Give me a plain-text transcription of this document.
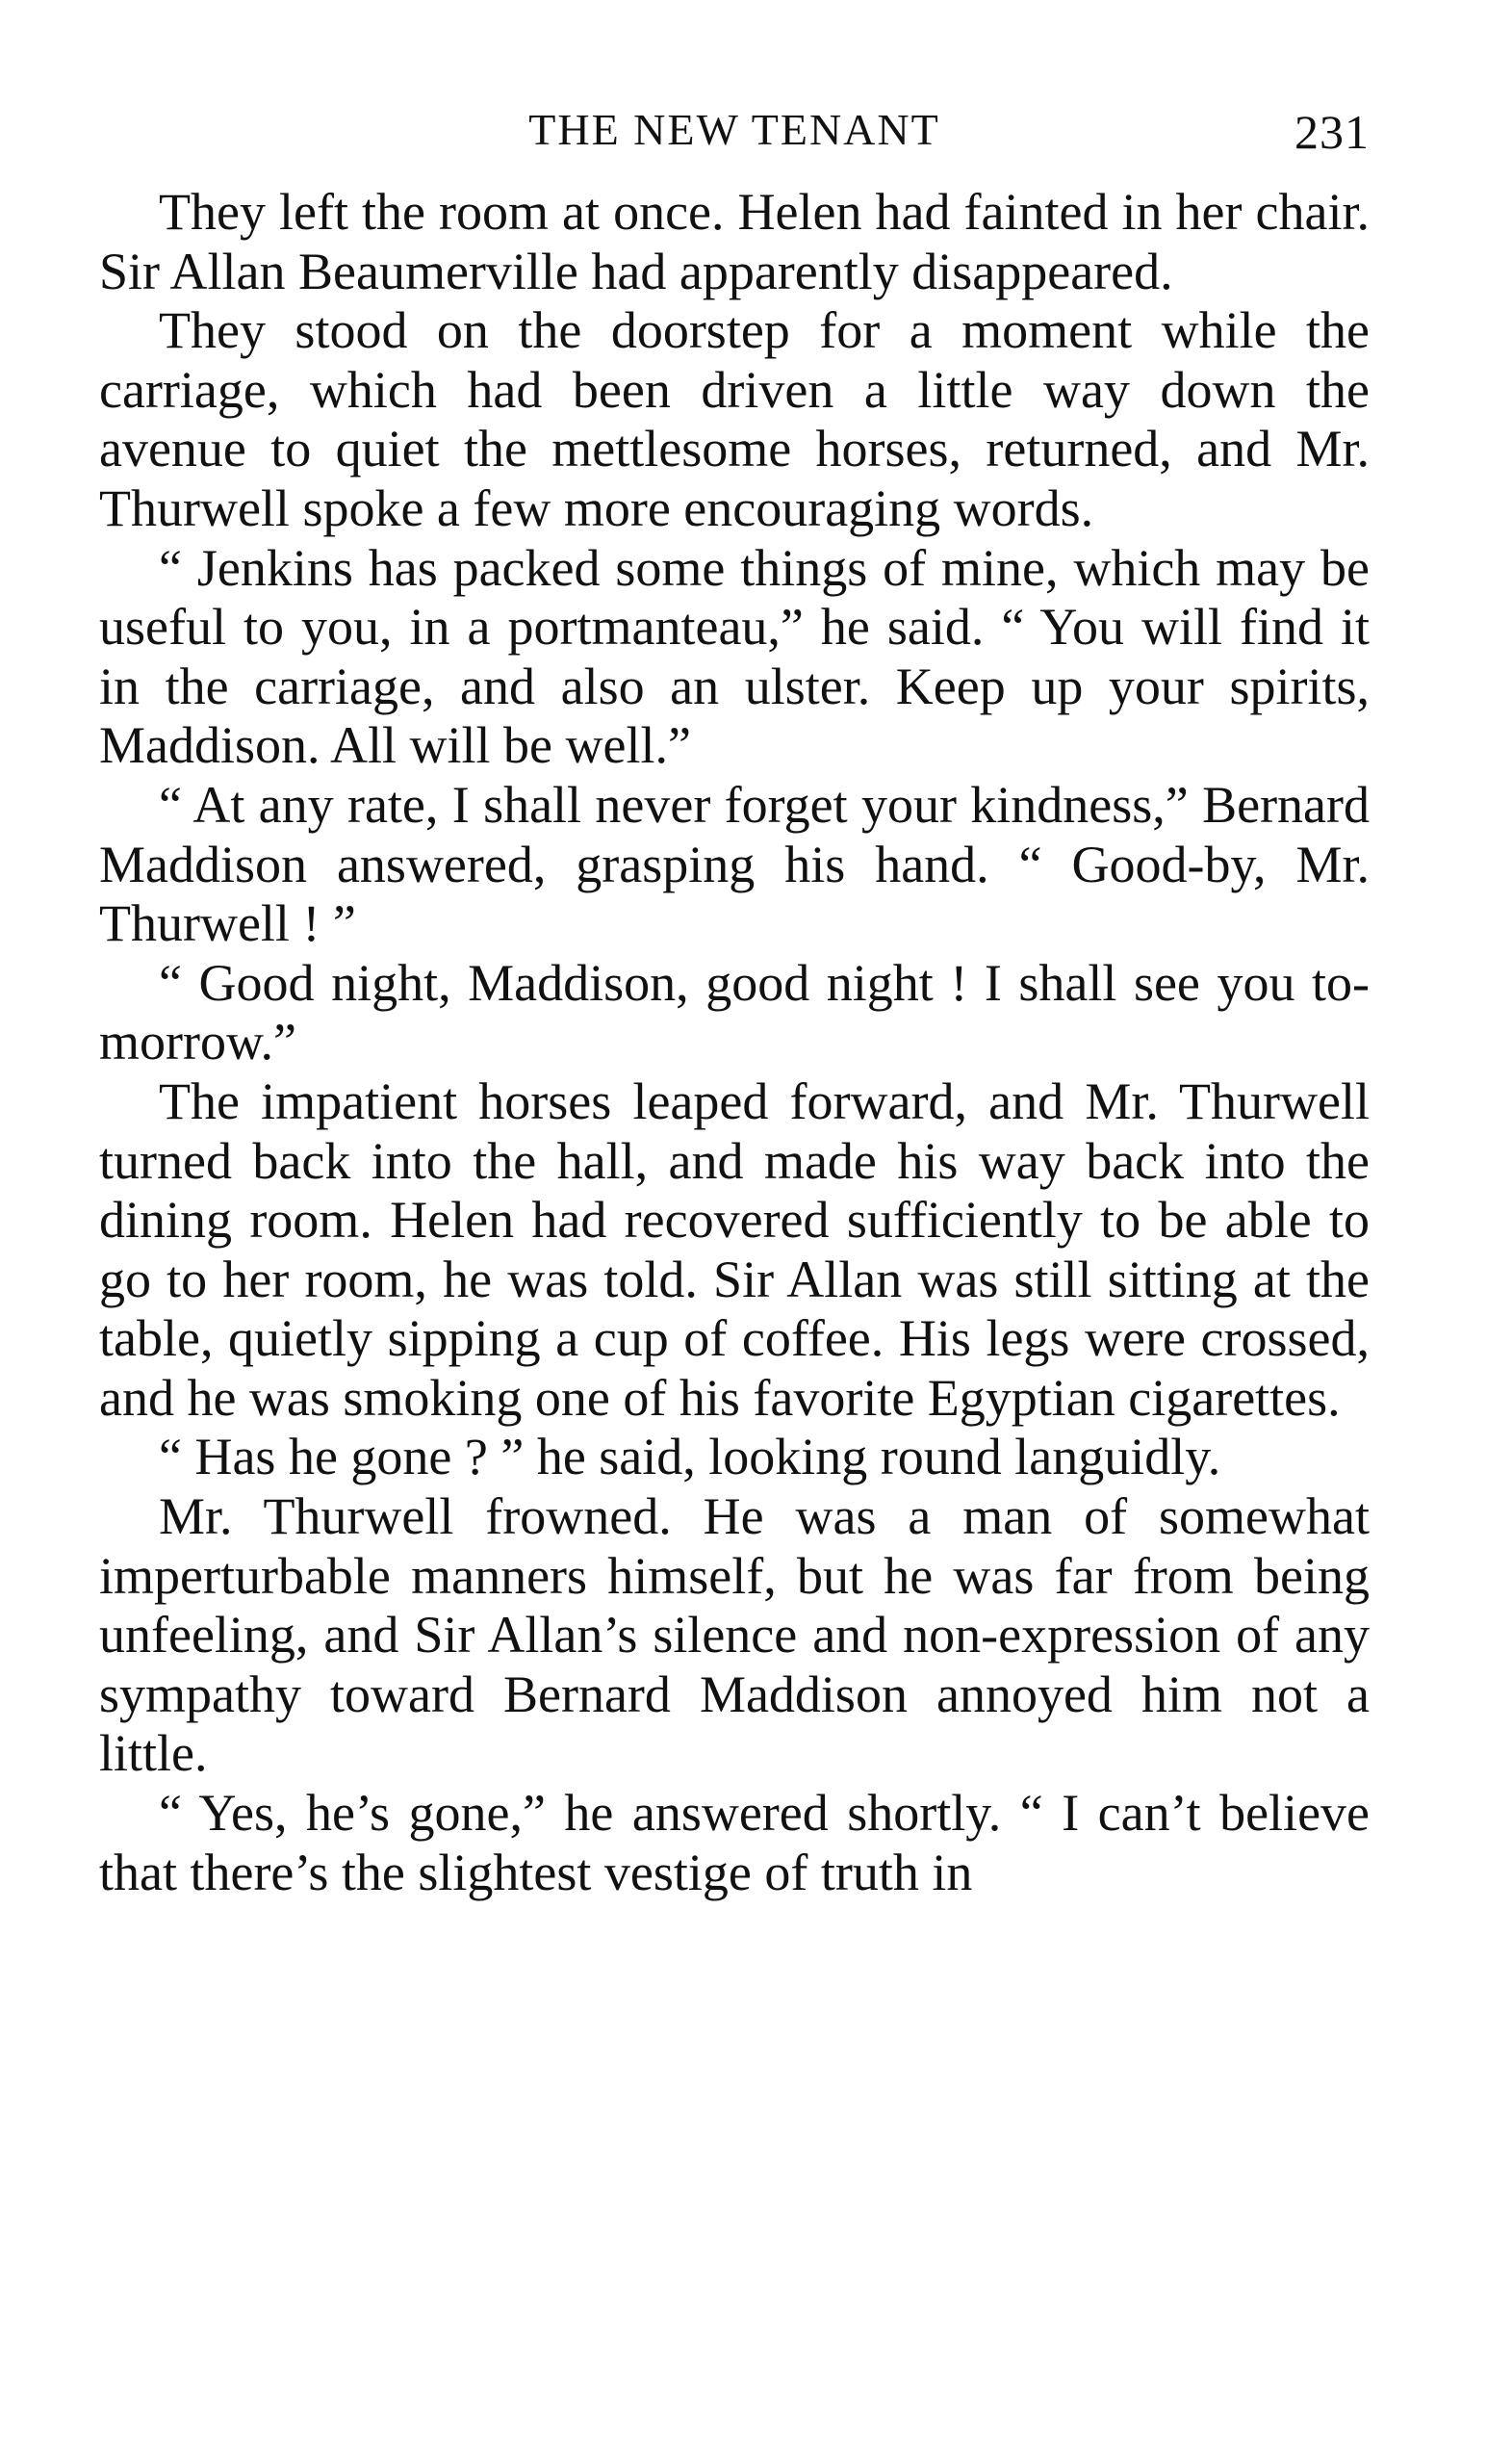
THE NEW TENANT	231

They left the room at once. Helen had fainted in her chair. Sir Allan Beaumerville had apparently disappeared.

They stood on the doorstep for a moment while the carriage, which had been driven a little way down the avenue to quiet the mettlesome horses, returned, and Mr. Thurwell spoke a few more encouraging words.

“ Jenkins has packed some things of mine, which may be useful to you, in a portmanteau,” he said. “ You will find it in the carriage, and also an ulster. Keep up your spirits, Maddison. All will be well.”

“ At any rate, I shall never forget your kindness,” Bernard Maddison answered, grasping his hand. “ Good-by, Mr. Thurwell ! ”

“ Good night, Maddison, good night ! I shall see you to-morrow.”

The impatient horses leaped forward, and Mr. Thurwell turned back into the hall, and made his way back into the dining room. Helen had recovered sufficiently to be able to go to her room, he was told. Sir Allan was still sitting at the table, quietly sipping a cup of coffee. His legs were crossed, and he was smoking one of his favorite Egyptian cigarettes.

“ Has he gone ? ” he said, looking round languidly.

Mr. Thurwell frowned. He was a man of somewhat imperturbable manners himself, but he was far from being unfeeling, and Sir Allan’s silence and non-expression of any sympathy toward Bernard Maddison annoyed him not a little.

“ Yes, he’s gone,” he answered shortly. “ I can’t believe that there’s the slightest vestige of truth in
